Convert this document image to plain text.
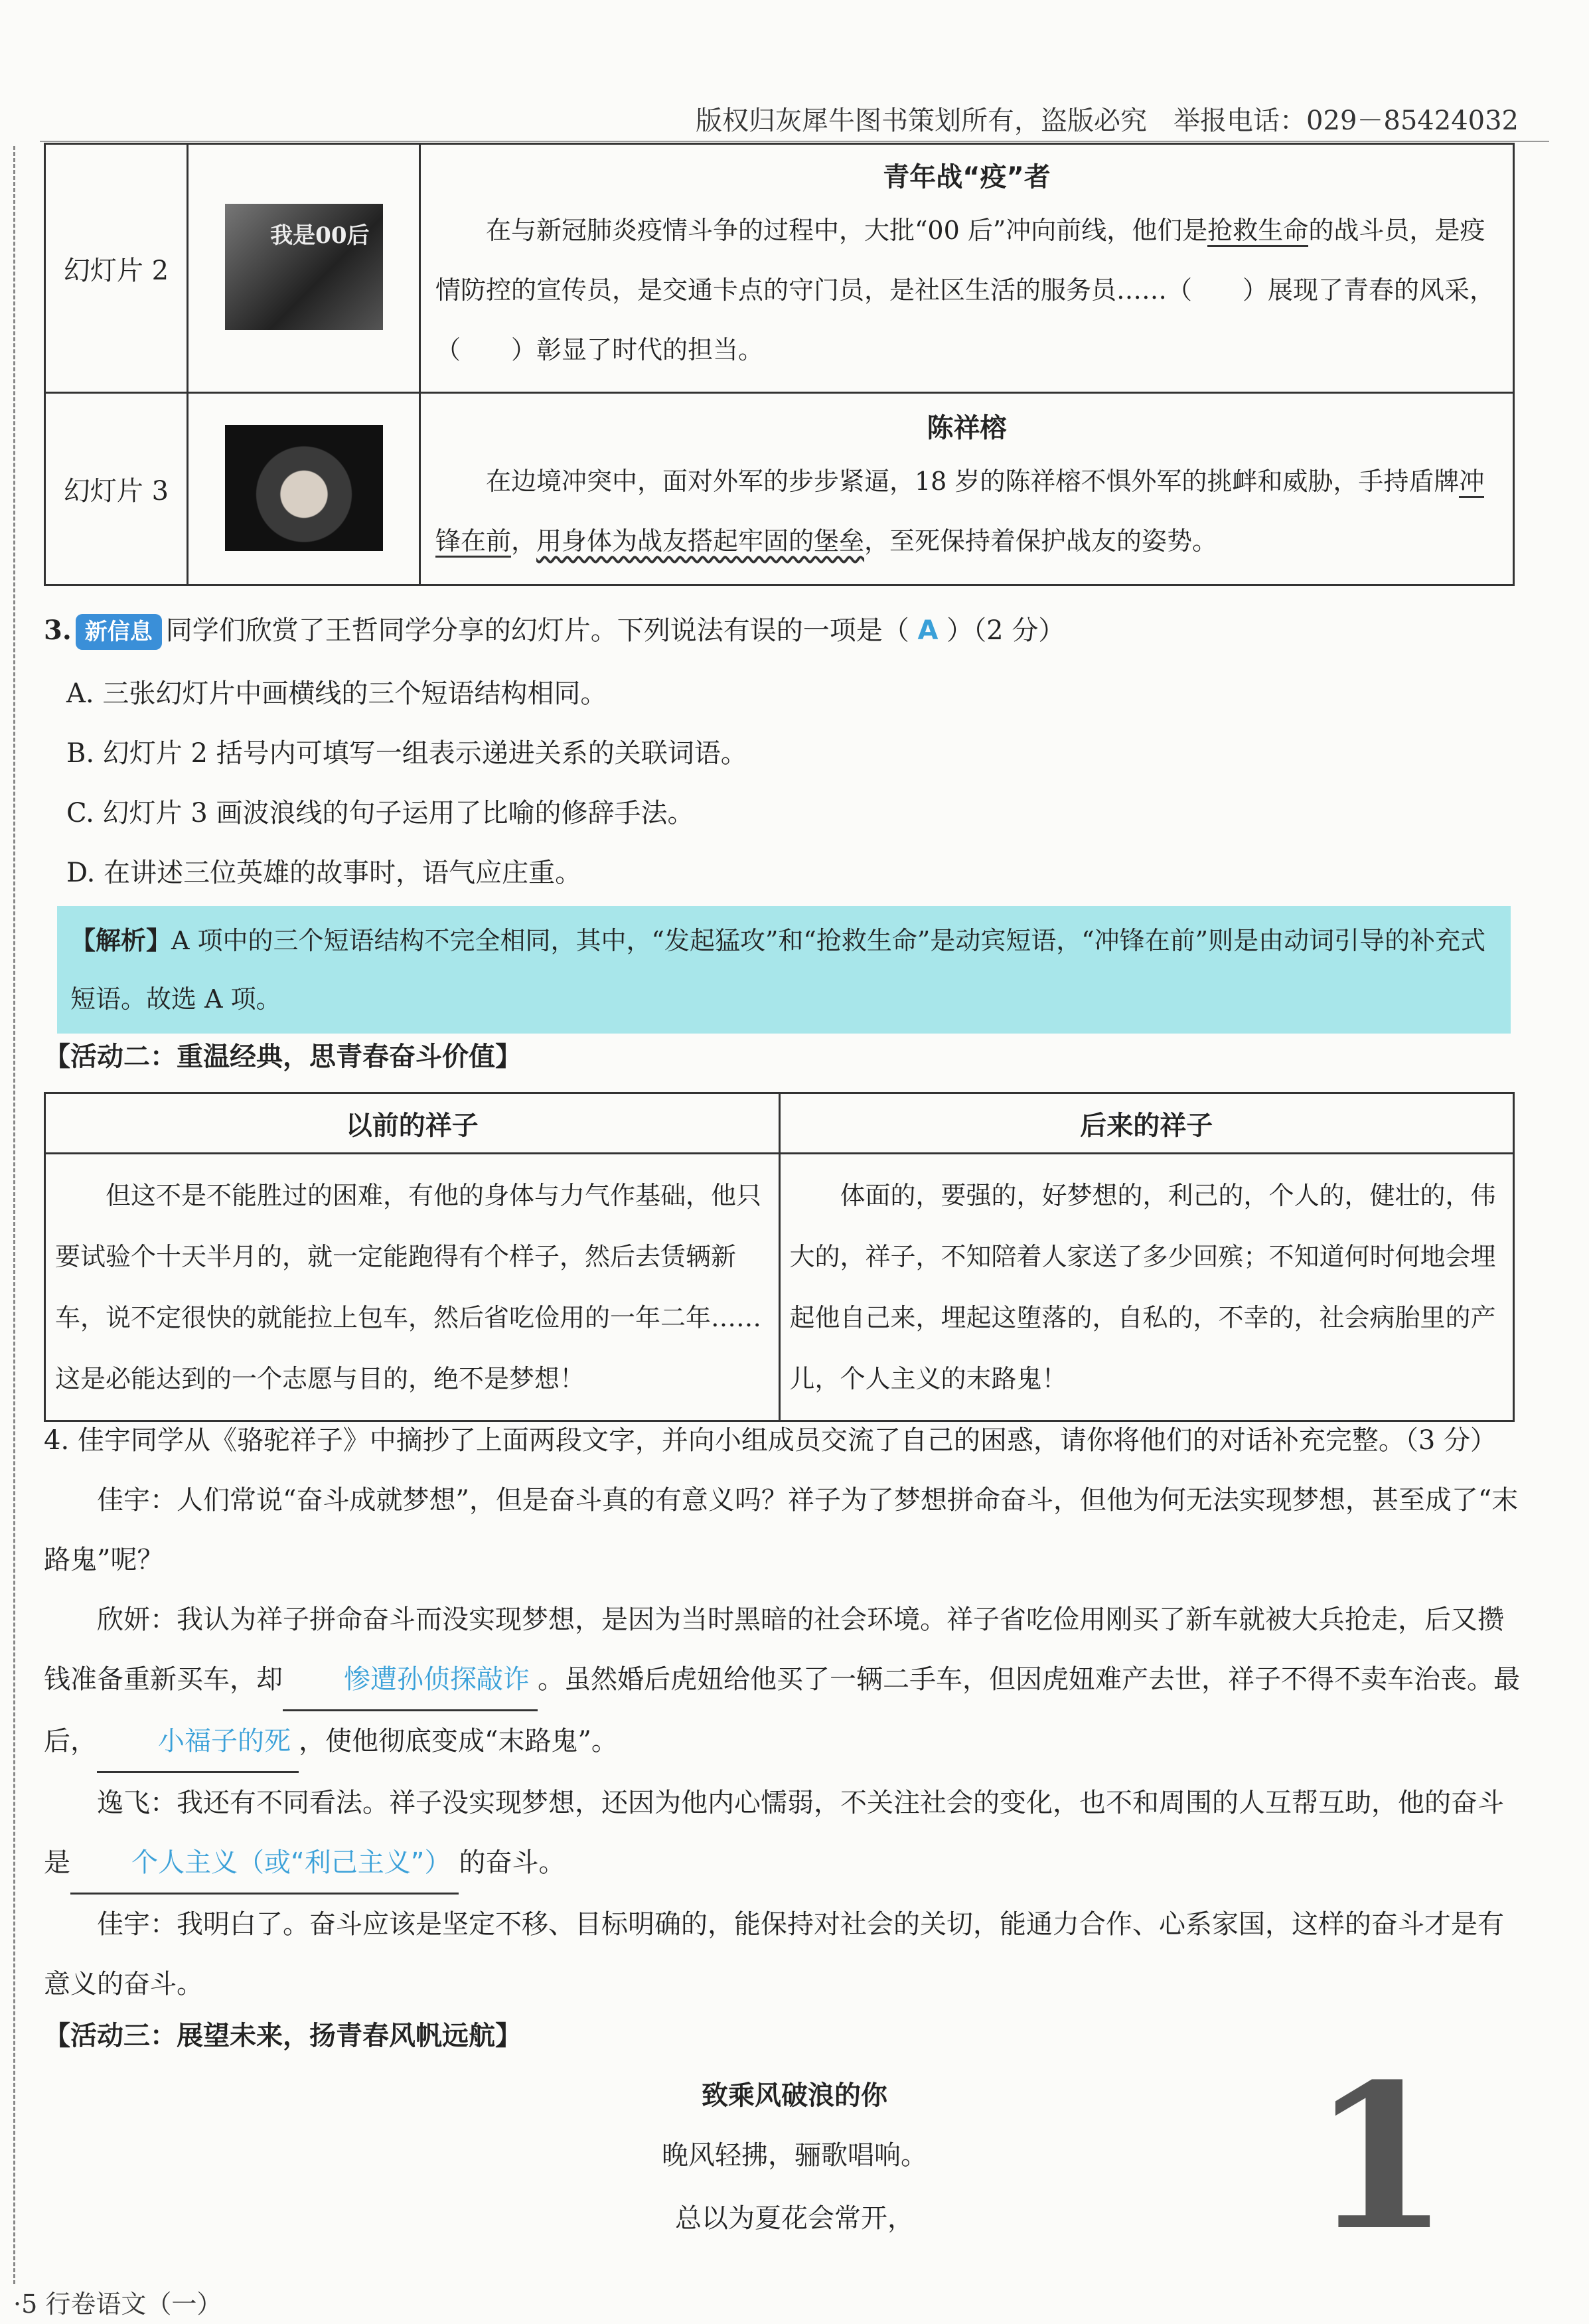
版权归灰犀牛图书策划所有，盗版必究　举报电话：029－85424032
幻灯片 2	我是00后	青年战“疫”者
在与新冠肺炎疫情斗争的过程中，大批“00 后”冲向前线，他们是抢救生命的战斗员，是疫情防控的宣传员，是交通卡点的守门员，是社区生活的服务员……（　　）展现了青春的风采，（　　）彰显了时代的担当。

幻灯片 3		陈祥榕
在边境冲突中，面对外军的步步紧逼，18 岁的陈祥榕不惧外军的挑衅和威胁，手持盾牌冲锋在前，用身体为战友搭起牢固的堡垒，至死保持着保护战友的姿势。
3. 新信息 同学们欣赏了王哲同学分享的幻灯片。下列说法有误的一项是（ A ）（2 分）
A. 三张幻灯片中画横线的三个短语结构相同。
B. 幻灯片 2 括号内可填写一组表示递进关系的关联词语。
C. 幻灯片 3 画波浪线的句子运用了比喻的修辞手法。
D. 在讲述三位英雄的故事时，语气应庄重。
【解析】A 项中的三个短语结构不完全相同，其中，“发起猛攻”和“抢救生命”是动宾短语，“冲锋在前”则是由动词引导的补充式短语。故选 A 项。
【活动二：重温经典，思青春奋斗价值】
以前的祥子	后来的祥子
但这不是不能胜过的困难，有他的身体与力气作基础，他只要试验个十天半月的，就一定能跑得有个样子，然后去赁辆新车，说不定很快的就能拉上包车，然后省吃俭用的一年二年……这是必能达到的一个志愿与目的，绝不是梦想！	体面的，要强的，好梦想的，利己的，个人的，健壮的，伟大的，祥子，不知陪着人家送了多少回殡；不知道何时何地会埋起他自己来，埋起这堕落的，自私的，不幸的，社会病胎里的产儿，个人主义的末路鬼！
4. 佳宇同学从《骆驼祥子》中摘抄了上面两段文字，并向小组成员交流了自己的困惑，请你将他们的对话补充完整。（3 分）
佳宇：人们常说“奋斗成就梦想”，但是奋斗真的有意义吗？祥子为了梦想拼命奋斗，但他为何无法实现梦想，甚至成了“末路鬼”呢？
欣妍：我认为祥子拼命奋斗而没实现梦想，是因为当时黑暗的社会环境。祥子省吃俭用刚买了新车就被大兵抢走，后又攒钱准备重新买车，却 惨遭孙侦探敲诈 。虽然婚后虎妞给他买了一辆二手车，但因虎妞难产去世，祥子不得不卖车治丧。最后， 小福子的死 ，使他彻底变成“末路鬼”。
逸飞：我还有不同看法。祥子没实现梦想，还因为他内心懦弱，不关注社会的变化，也不和周围的人互帮互助，他的奋斗是 个人主义（或“利己主义”） 的奋斗。
佳宇：我明白了。奋斗应该是坚定不移、目标明确的，能保持对社会的关切，能通力合作、心系家国，这样的奋斗才是有意义的奋斗。
【活动三：展望未来，扬青春风帆远航】
致乘风破浪的你
晚风轻拂，骊歌唱响。
总以为夏花会常开，	1
·5 行卷语文（一）
